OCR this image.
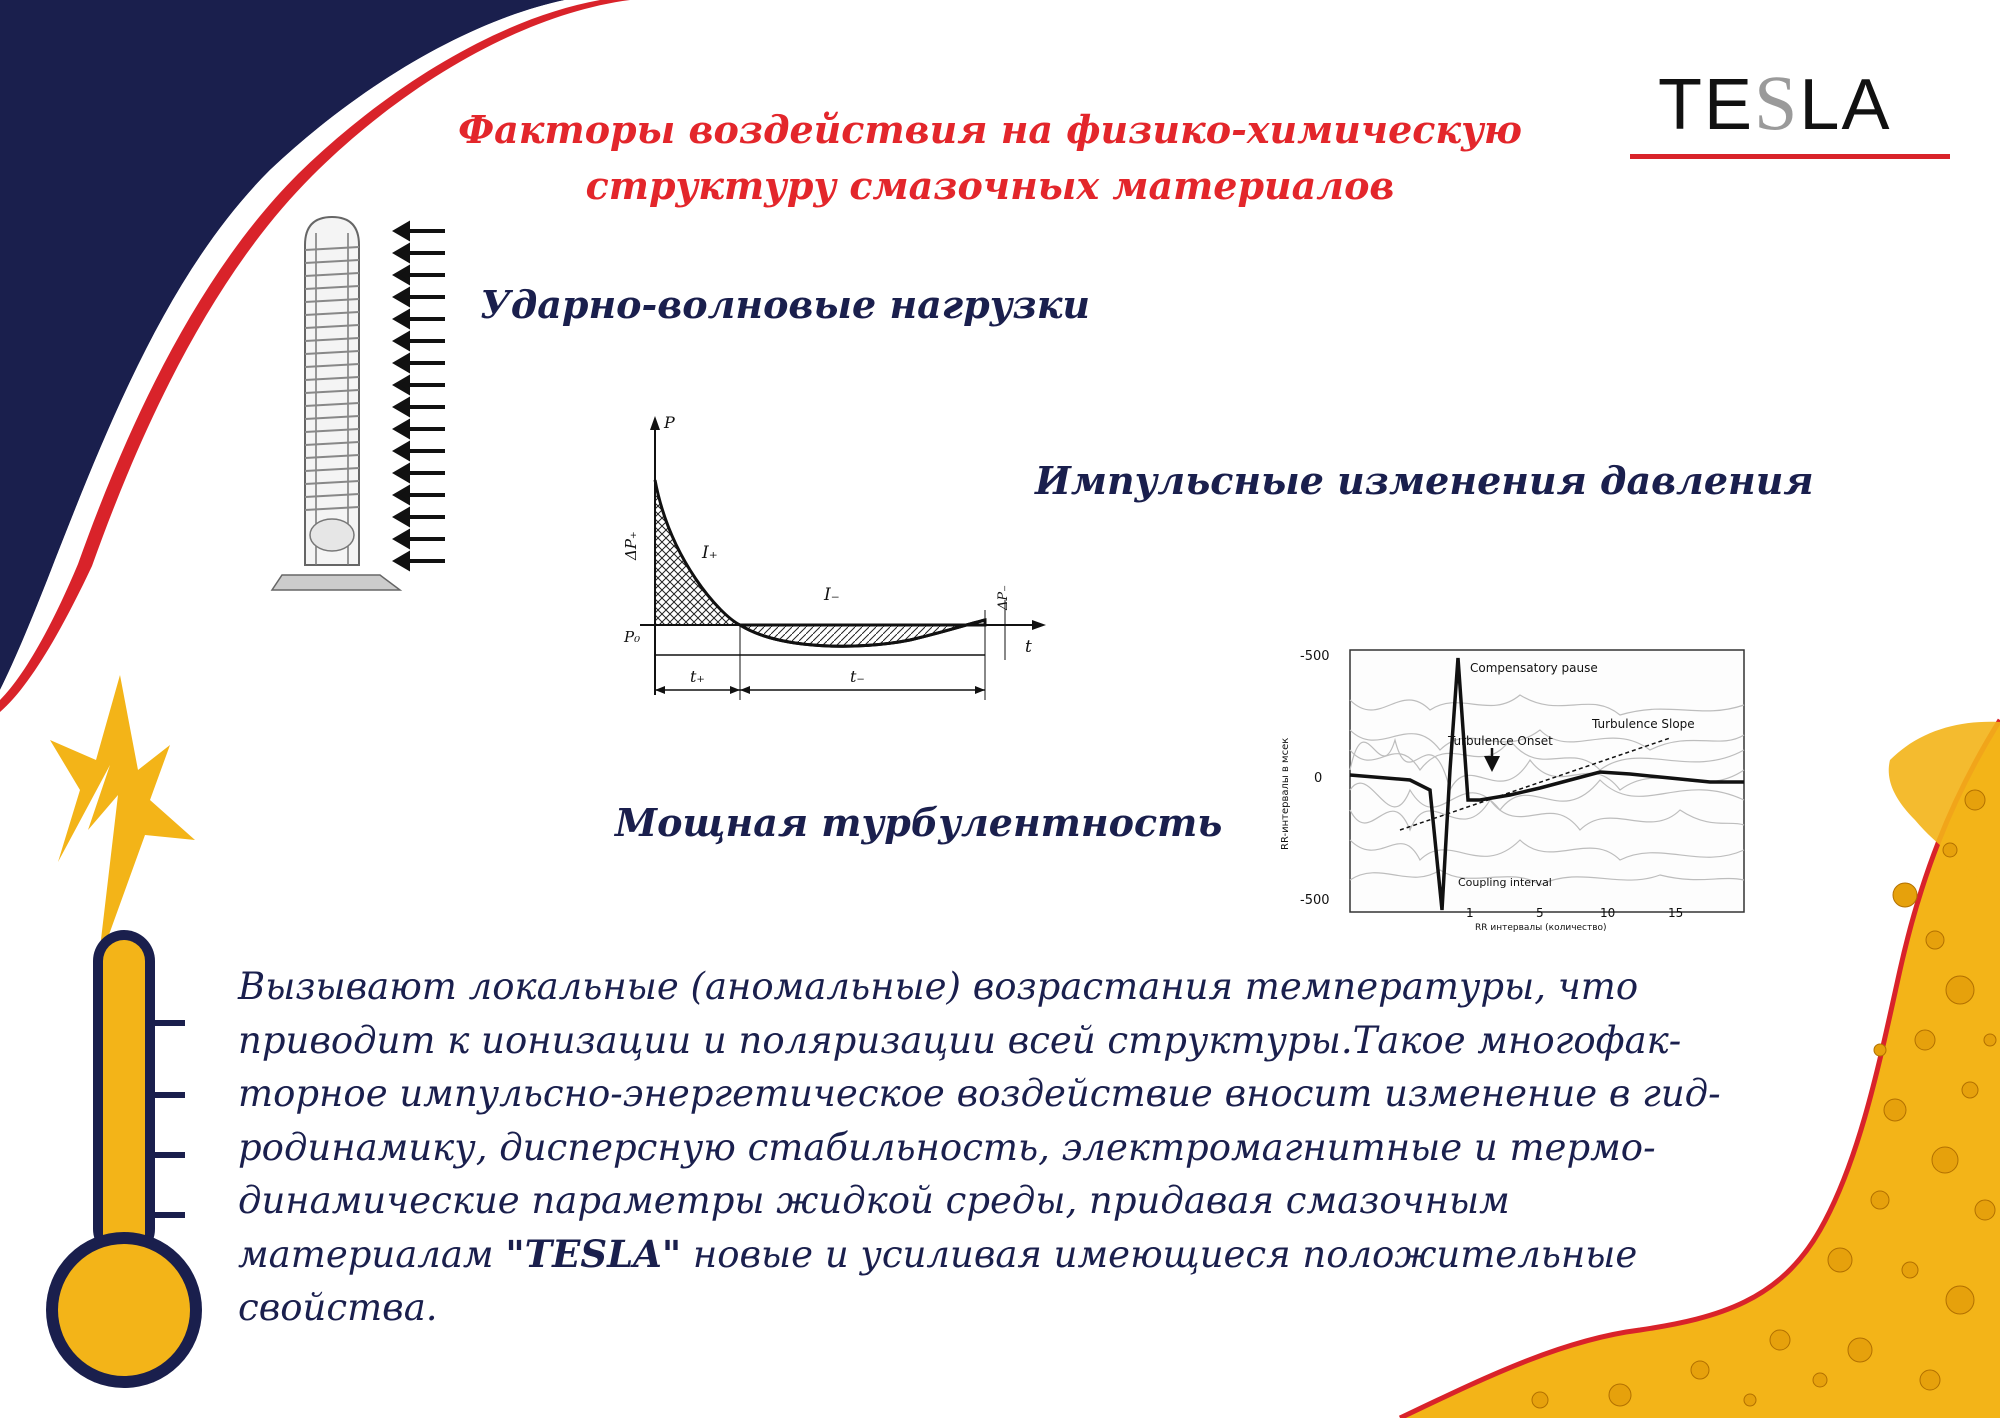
Факторы воздействия на физико-химическую
структуру смазочных материалов
TESLA
Ударно-волновые нагрузки
P
t
P₀
ΔP₊
ΔP₋
I₊
I₋
t₊	t₋
Импульсные изменения давления
-500
0
-500
1	5	10	15
RR интервалы (количество)
RR-интервалы в мсек
Compensatory pause
Turbulence Slope
Turbulence Onset
Coupling interval
Мощная турбулентность

Вызывают локальные (аномальные) возрастания температуры, что
приводит к ионизации и поляризации всей структуры.Такое многофак-
торное импульсно-энергетическое воздействие вносит изменение в гид-
родинамику, дисперсную стабильность, электромагнитные и термо-
динамические параметры жидкой среды, придавая смазочным
материалам "TESLA" новые и усиливая имеющиеся положительные
свойства.
